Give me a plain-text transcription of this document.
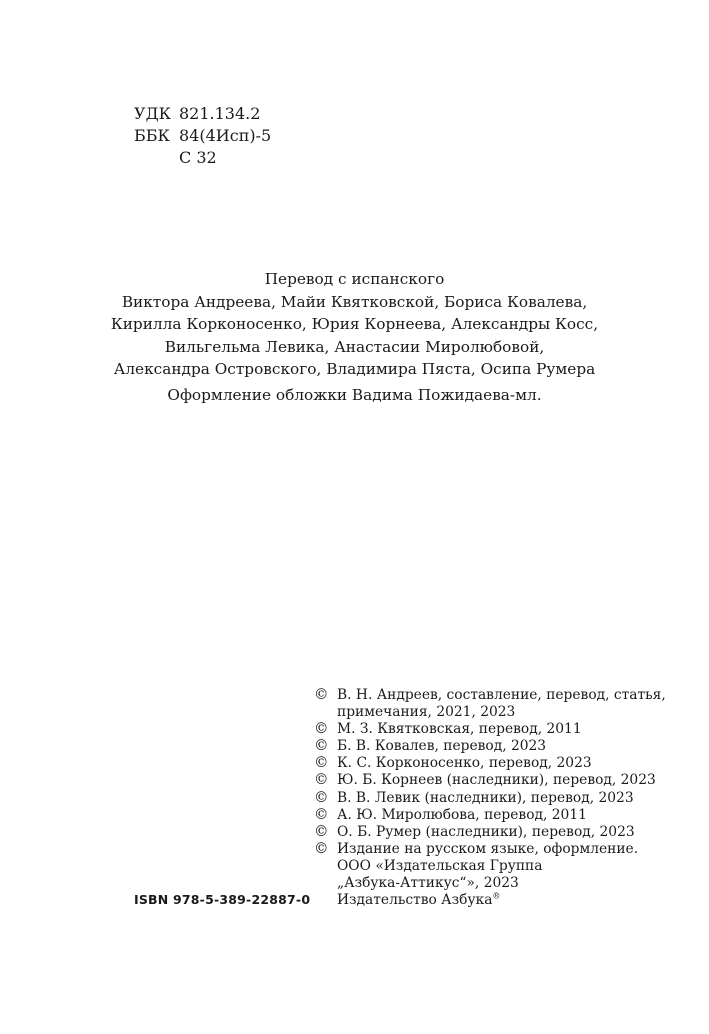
УДК 821.134.2
ББК 84(4Исп)-5
С 32
Перевод с испанского
Виктора Андреева, Майи Квятковской, Бориса Ковалева,
Кирилла Корконосенко, Юрия Корнеева, Александры Косс,
Вильгельма Левика, Анастасии Миролюбовой,
Александра Островского, Владимира Пяста, Осипа Румера
Оформление обложки Вадима Пожидаева-мл.
© В. Н. Андреев, составление, перевод, статья,
примечания, 2021, 2023
© М. З. Квятковская, перевод, 2011
© Б. В. Ковалев, перевод, 2023
© К. С. Корконосенко, перевод, 2023
© Ю. Б. Корнеев (наследники), перевод, 2023
© В. В. Левик (наследники), перевод, 2023
© А. Ю. Миролюбова, перевод, 2011
© О. Б. Румер (наследники), перевод, 2023
© Издание на русском языке, оформление.
ООО «Издательская Группа
„Азбука-Аттикус“», 2023
Издательство Азбука®
ISBN 978-5-389-22887-0
